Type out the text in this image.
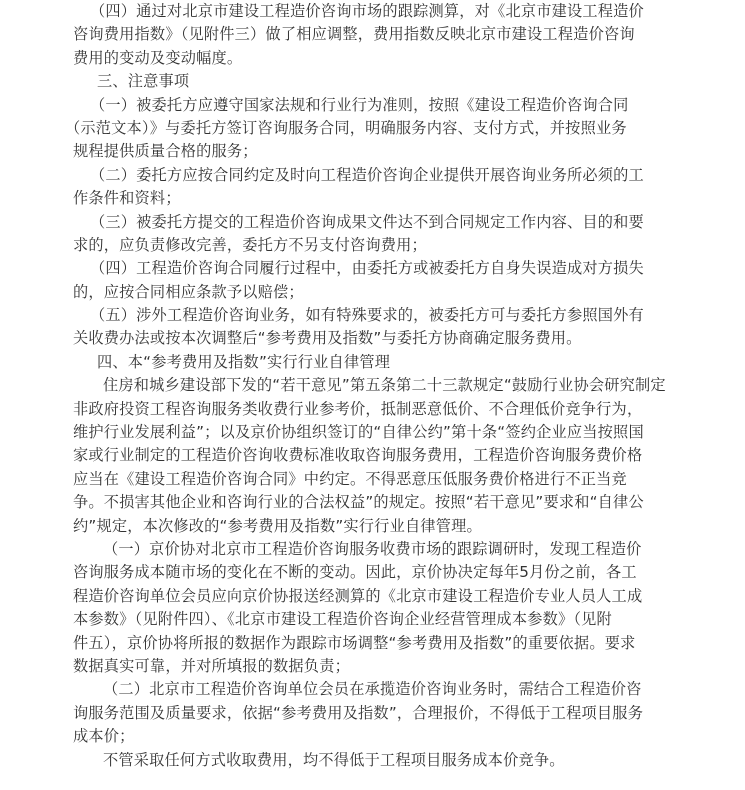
（四）通过对北京市建设工程造价咨询市场的跟踪测算，对《北京市建设工程造价
咨询费用指数》（见附件三）做了相应调整，费用指数反映北京市建设工程造价咨询
费用的变动及变动幅度。
三、注意事项
（一）被委托方应遵守国家法规和行业行为准则，按照《建设工程造价咨询合同
（示范文本）》与委托方签订咨询服务合同，明确服务内容、支付方式，并按照业务
规程提供质量合格的服务；
（二）委托方应按合同约定及时向工程造价咨询企业提供开展咨询业务所必须的工
作条件和资料；
（三）被委托方提交的工程造价咨询成果文件达不到合同规定工作内容、目的和要
求的，应负责修改完善，委托方不另支付咨询费用；
（四）工程造价咨询合同履行过程中，由委托方或被委托方自身失误造成对方损失
的，应按合同相应条款予以赔偿；
（五）涉外工程造价咨询业务，如有特殊要求的，被委托方可与委托方参照国外有
关收费办法或按本次调整后“参考费用及指数”与委托方协商确定服务费用。
四、本“参考费用及指数”实行行业自律管理
住房和城乡建设部下发的“若干意见”第五条第二十三款规定“鼓励行业协会研究制定
非政府投资工程咨询服务类收费行业参考价，抵制恶意低价、不合理低价竞争行为，
维护行业发展利益”；以及京价协组织签订的“自律公约”第十条“签约企业应当按照国
家或行业制定的工程造价咨询收费标准收取咨询服务费用，工程造价咨询服务费价格
应当在《建设工程造价咨询合同》中约定。不得恶意压低服务费价格进行不正当竞
争。不损害其他企业和咨询行业的合法权益”的规定。按照“若干意见”要求和“自律公
约”规定，本次修改的“参考费用及指数”实行行业自律管理。
（一）京价协对北京市工程造价咨询服务收费市场的跟踪调研时，发现工程造价
咨询服务成本随市场的变化在不断的变动。因此，京价协决定每年5月份之前，各工
程造价咨询单位会员应向京价协报送经测算的《北京市建设工程造价专业人员人工成
本参数》（见附件四）、《北京市建设工程造价咨询企业经营管理成本参数》（见附
件五），京价协将所报的数据作为跟踪市场调整“参考费用及指数”的重要依据。要求
数据真实可靠，并对所填报的数据负责；
（二）北京市工程造价咨询单位会员在承揽造价咨询业务时，需结合工程造价咨
询服务范围及质量要求，依据“参考费用及指数”，合理报价，不得低于工程项目服务
成本价；
不管采取任何方式收取费用，均不得低于工程项目服务成本价竞争。
